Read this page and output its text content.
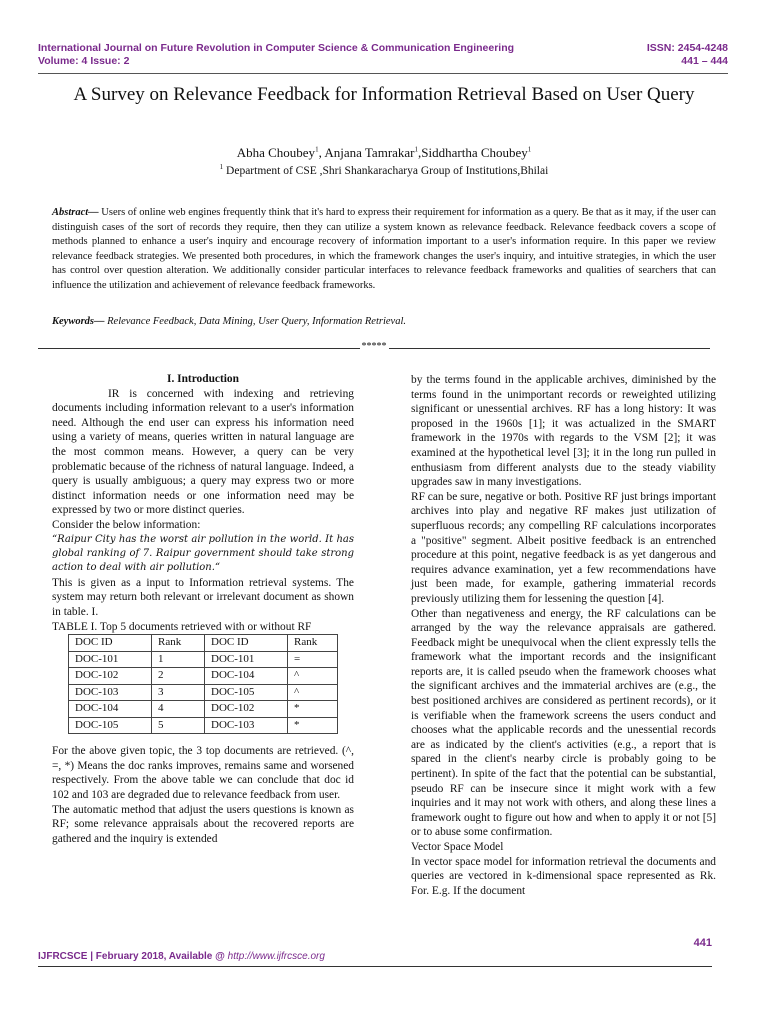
International Journal on Future Revolution in Computer Science & Communication Engineering
Volume: 4 Issue: 2
ISSN: 2454-4248
441 – 444
A Survey on Relevance Feedback for Information Retrieval Based on User Query
Abha Choubey$^1$, Anjana Tamrakar$^1$,Siddhartha Choubey$^1$
$^1$ Department of CSE ,Shri Shankaracharya Group of Institutions,Bhilai
Abstract— Users of online web engines frequently think that it's hard to express their requirement for information as a query. Be that as it may, if the user can distinguish cases of the sort of records they require, then they can utilize a system known as relevance feedback. Relevance feedback covers a scope of methods planned to enhance a user's inquiry and encourage recovery of information important to a user's information require. In this paper we review relevance feedback strategies. We presented both procedures, in which the framework changes the user's inquiry, and intuitive strategies, in which the user has control over question alteration. We additionally consider particular interfaces to relevance feedback frameworks and qualities of searchers that can influence the utilization and achievement of relevance feedback frameworks.
Keywords— Relevance Feedback, Data Mining, User Query, Information Retrieval.
*****

I. Introduction

IR is concerned with indexing and retrieving documents including information relevant to a user's information need. Although the end user can express his information need using a variety of means, queries written in natural language are the most common means. However, a query can be very problematic because of the richness of natural language. Indeed, a query is usually ambiguous; a query may express two or more distinct information needs or one information need may be expressed by two or more distinct queries.

Consider the below information:

“Raipur City has the worst air pollution in the world. It has global ranking of 7. Raipur government should take strong action to deal with air pollution.“

This is given as a input to Information retrieval systems. The system may return both relevant or irrelevant document as shown in table. I.

TABLE I. Top 5 documents retrieved with or without RF

DOC ID	Rank	DOC ID	Rank
DOC-101	1	DOC-101	=
DOC-102	2	DOC-104	^
DOC-103	3	DOC-105	^
DOC-104	4	DOC-102	*
DOC-105	5	DOC-103	*

For the above given topic, the 3 top documents are retrieved. (^, =, *) Means the doc ranks improves, remains same and worsened respectively. From the above table we can conclude that doc id 102 and 103 are degraded due to relevance feedback from user.

The automatic method that adjust the users questions is known as RF; some relevance appraisals about the recovered reports are gathered and the inquiry is extended

by the terms found in the applicable archives, diminished by the terms found in the unimportant records or reweighted utilizing significant or unessential archives. RF has a long history: It was proposed in the 1960s [1]; it was actualized in the SMART framework in the 1970s with regards to the VSM [2]; it was examined at the hypothetical level [3]; it in the long run pulled in enthusiasm from different analysts due to the steady viability upgrades saw in many investigations.

RF can be sure, negative or both. Positive RF just brings important archives into play and negative RF makes just utilization of superfluous records; any compelling RF calculations incorporates a "positive" segment. Albeit positive feedback is an entrenched procedure at this point, negative feedback is as yet dangerous and requires advance examination, yet a few recommendations have just been made, for example, gathering immaterial records previously utilizing them for lessening the question [4].

Other than negativeness and energy, the RF calculations can be arranged by the way the relevance appraisals are gathered. Feedback might be unequivocal when the client expressly tells the framework what the important records and the insignificant reports are, it is called pseudo when the framework chooses what the significant archives and the immaterial archives are (e.g., the best positioned archives are considered as pertinent records), or it is verifiable when the framework screens the users conduct and chooses what the applicable records and the unessential records are as indicated by the client's activities (e.g., a report that is spared in the client's nearby circle is probably going to be pertinent). In spite of the fact that the potential can be substantial, pseudo RF can be insecure since it might work with a few inquiries and it may not work with others, and along these lines a framework ought to figure out how and when to apply it or not [5] or to abuse some confirmation.

Vector Space Model

In vector space model for information retrieval the documents and queries are vectored in k-dimensional space represented as Rk. For. E.g. If the document

441
IJFRCSCE | February 2018, Available @ http://www.ijfrcsce.org
